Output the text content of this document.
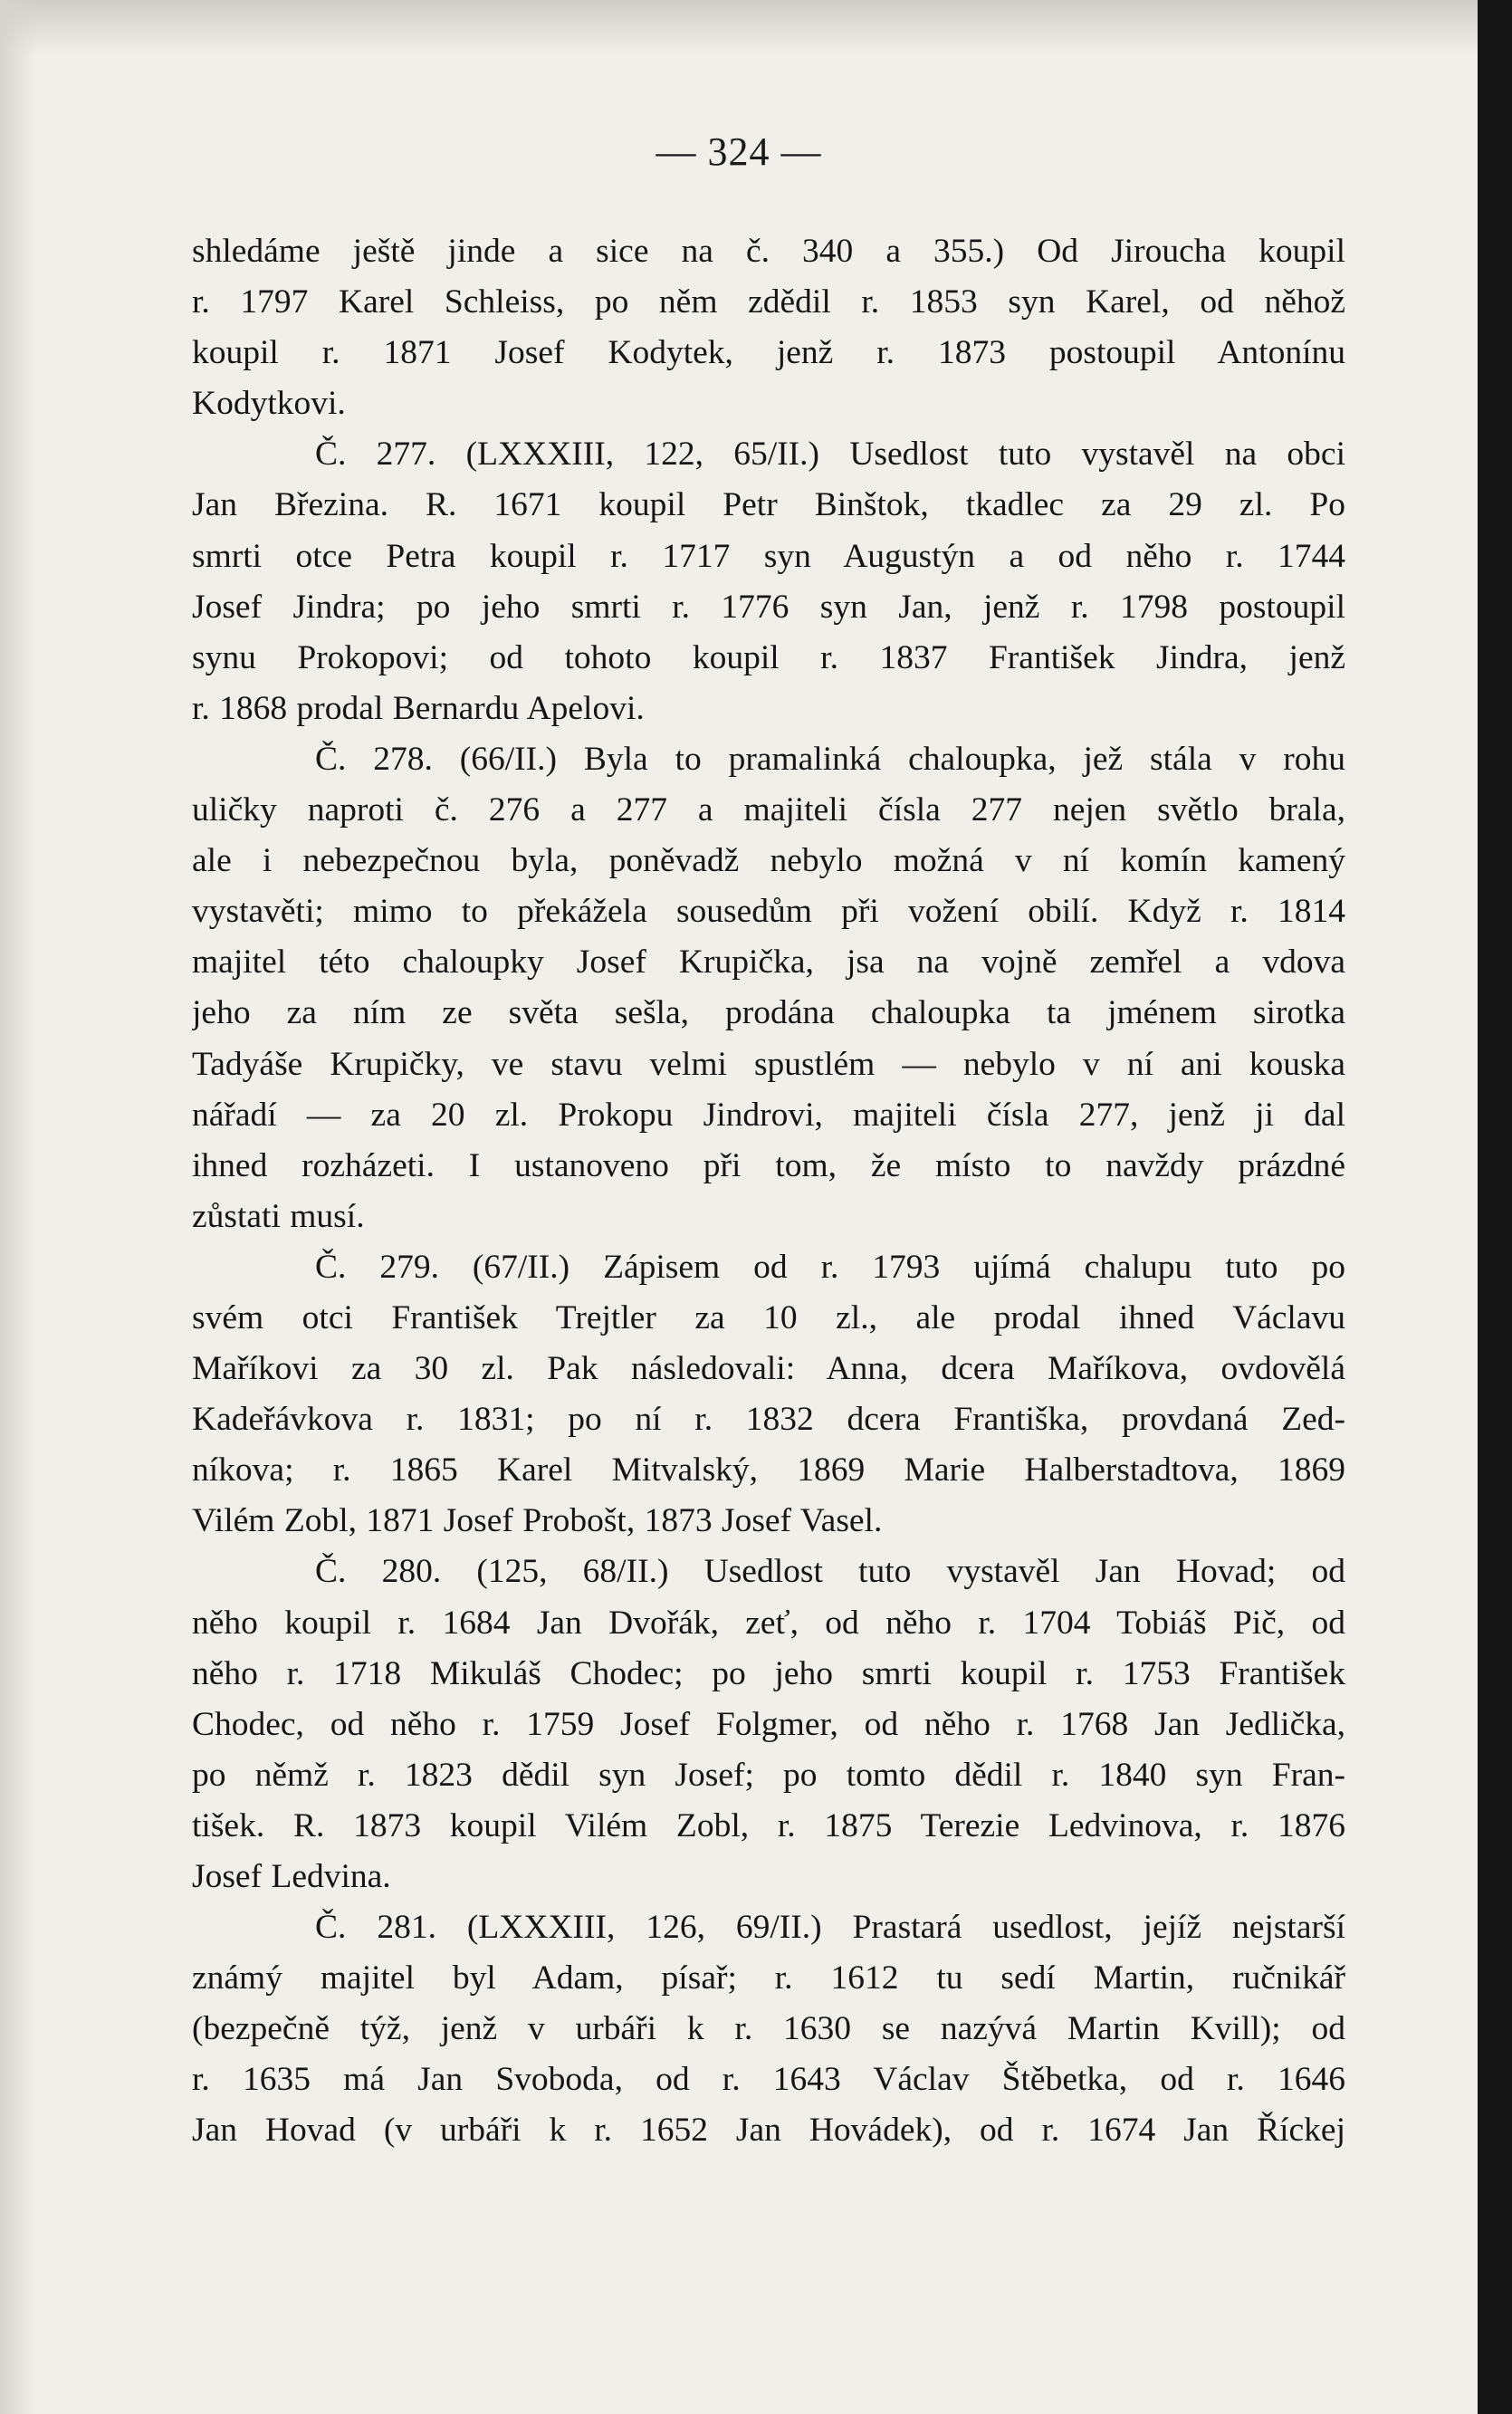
— 324 —

shledáme ještě jinde a sice na č. 340 a 355.) Od Jiroucha koupil
r. 1797 Karel Schleiss, po něm zdědil r. 1853 syn Karel, od něhož
koupil r. 1871 Josef Kodytek, jenž r. 1873 postoupil Antonínu
Kodytkovi.

Č. 277. (LXXXIII, 122, 65/II.) Usedlost tuto vystavěl na obci
Jan Březina. R. 1671 koupil Petr Binštok, tkadlec za 29 zl. Po
smrti otce Petra koupil r. 1717 syn Augustýn a od něho r. 1744
Josef Jindra; po jeho smrti r. 1776 syn Jan, jenž r. 1798 postoupil
synu Prokopovi; od tohoto koupil r. 1837 František Jindra, jenž
r. 1868 prodal Bernardu Apelovi.

Č. 278. (66/II.) Byla to pramalinká chaloupka, jež stála v rohu
uličky naproti č. 276 a 277 a majiteli čísla 277 nejen světlo brala,
ale i nebezpečnou byla, poněvadž nebylo možná v ní komín kamený
vystavěti; mimo to překážela sousedům při vožení obilí. Když r. 1814
majitel této chaloupky Josef Krupička, jsa na vojně zemřel a vdova
jeho za ním ze světa sešla, prodána chaloupka ta jménem sirotka
Tadyáše Krupičky, ve stavu velmi spustlém — nebylo v ní ani kouska
nářadí — za 20 zl. Prokopu Jindrovi, majiteli čísla 277, jenž ji dal
ihned rozházeti. I ustanoveno při tom, že místo to navždy prázdné
zůstati musí.

Č. 279. (67/II.) Zápisem od r. 1793 ujímá chalupu tuto po
svém otci František Trejtler za 10 zl., ale prodal ihned Václavu
Maříkovi za 30 zl. Pak následovali: Anna, dcera Maříkova, ovdovělá
Kadeřávkova r. 1831; po ní r. 1832 dcera Františka, provdaná Zed-
níkova; r. 1865 Karel Mitvalský, 1869 Marie Halberstadtova, 1869
Vilém Zobl, 1871 Josef Probošt, 1873 Josef Vasel.

Č. 280. (125, 68/II.) Usedlost tuto vystavěl Jan Hovad; od
něho koupil r. 1684 Jan Dvořák, zeť, od něho r. 1704 Tobiáš Pič, od
něho r. 1718 Mikuláš Chodec; po jeho smrti koupil r. 1753 František
Chodec, od něho r. 1759 Josef Folgmer, od něho r. 1768 Jan Jedlička,
po němž r. 1823 dědil syn Josef; po tomto dědil r. 1840 syn Fran-
tišek. R. 1873 koupil Vilém Zobl, r. 1875 Terezie Ledvinova, r. 1876
Josef Ledvina.

Č. 281. (LXXXIII, 126, 69/II.) Prastará usedlost, jejíž nejstarší
známý majitel byl Adam, písař; r. 1612 tu sedí Martin, ručnikář
(bezpečně týž, jenž v urbáři k r. 1630 se nazývá Martin Kvill); od
r. 1635 má Jan Svoboda, od r. 1643 Václav Štěbetka, od r. 1646
Jan Hovad (v urbáři k r. 1652 Jan Hovádek), od r. 1674 Jan Říckej
